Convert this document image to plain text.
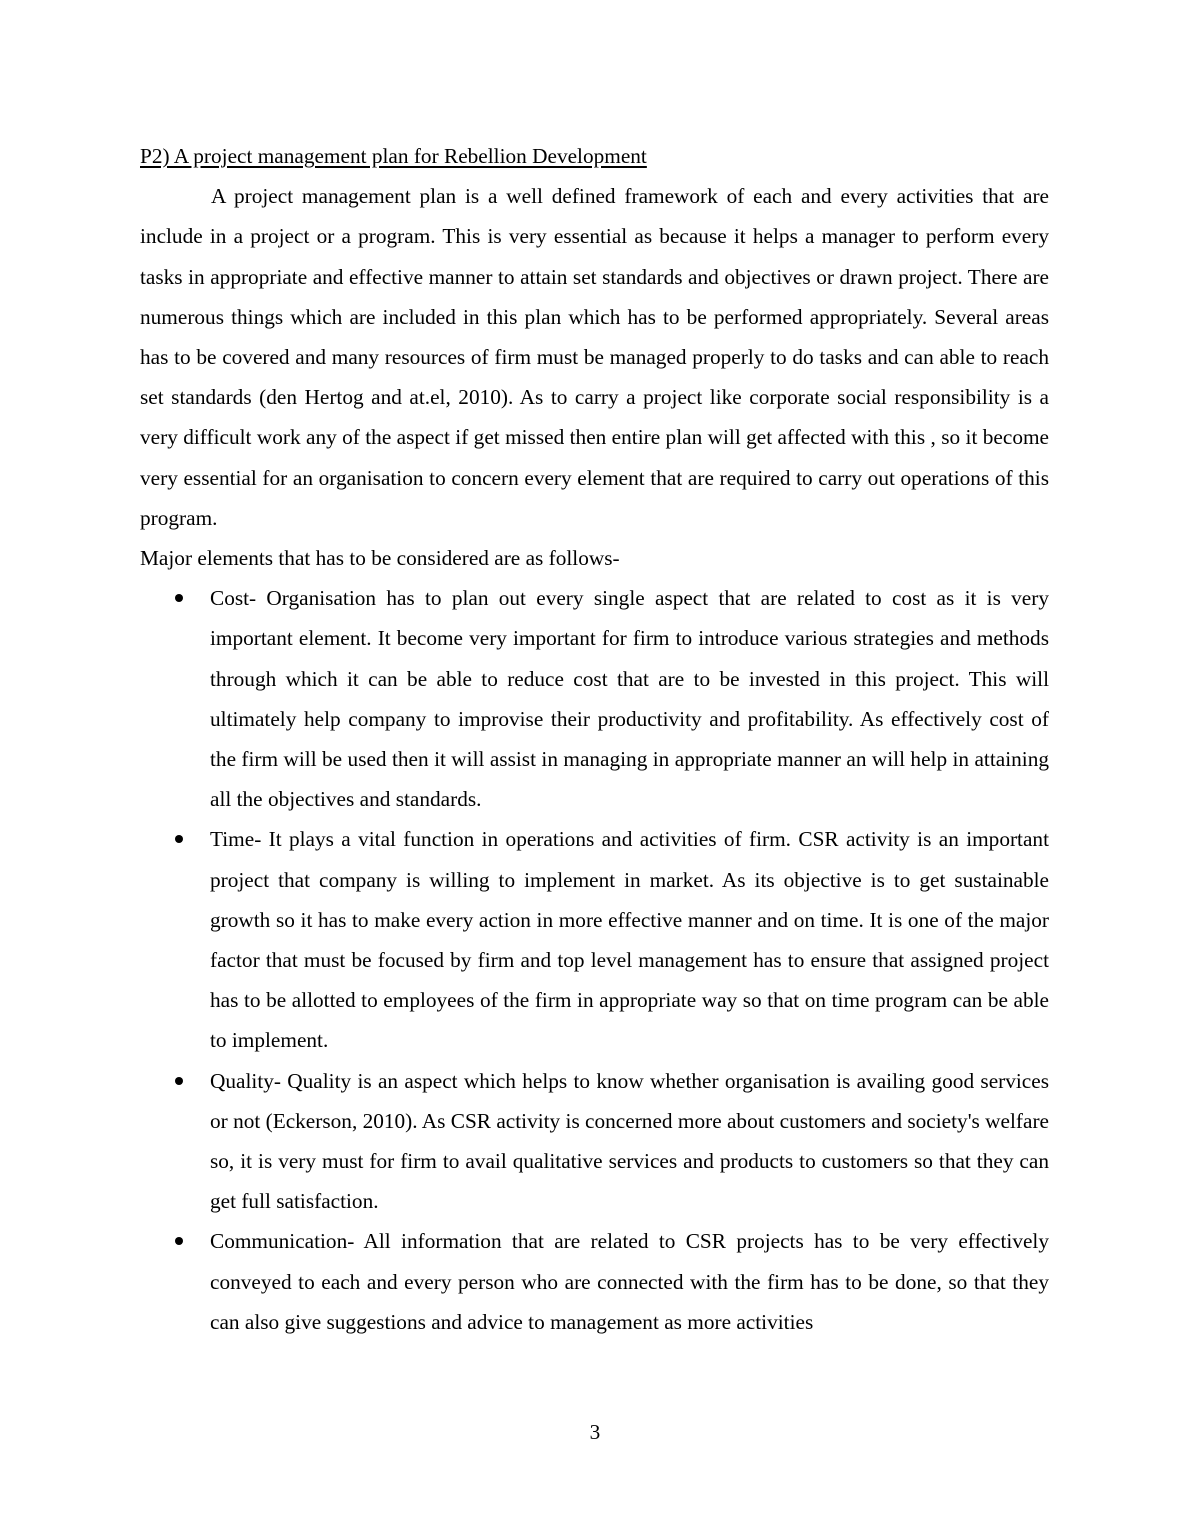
P2) A project management plan for Rebellion Development

A project management plan is a well defined framework of each and every activities that are include in a project or a program. This is very essential as because it helps a manager to perform every tasks in appropriate and effective manner to attain set standards and objectives or drawn project. There are numerous things which are included in this plan which has to be performed appropriately. Several areas has to be covered and many resources of firm must be managed properly to do tasks and can able to reach set standards (den Hertog and at.el, 2010). As to carry a project like corporate social responsibility is a very difficult work any of the aspect if get missed then entire plan will get affected with this , so it become very essential for an organisation to concern every element that are required to carry out operations of this program.

Major elements that has to be considered are as follows-

Cost- Organisation has to plan out every single aspect that are related to cost as it is very important element. It become very important for firm to introduce various strategies and methods through which it can be able to reduce cost that are to be invested in this project. This will ultimately help company to improvise their productivity and profitability. As effectively cost of the firm will be used then it will assist in managing in appropriate manner an will help in attaining all the objectives and standards.
Time- It plays a vital function in operations and activities of firm. CSR activity is an important project that company is willing to implement in market. As its objective is to get sustainable growth so it has to make every action in more effective manner and on time. It is one of the major factor that must be focused by firm and top level management has to ensure that assigned project has to be allotted to employees of the firm in appropriate way so that on time program can be able to implement.
Quality- Quality is an aspect which helps to know whether organisation is availing good services or not (Eckerson, 2010). As CSR activity is concerned more about customers and society's welfare so, it is very must for firm to avail qualitative services and products to customers so that they can get full satisfaction.
Communication- All information that are related to CSR projects has to be very effectively conveyed to each and every person who are connected with the firm has to be done, so that they can also give suggestions and advice to management as more activities
3
